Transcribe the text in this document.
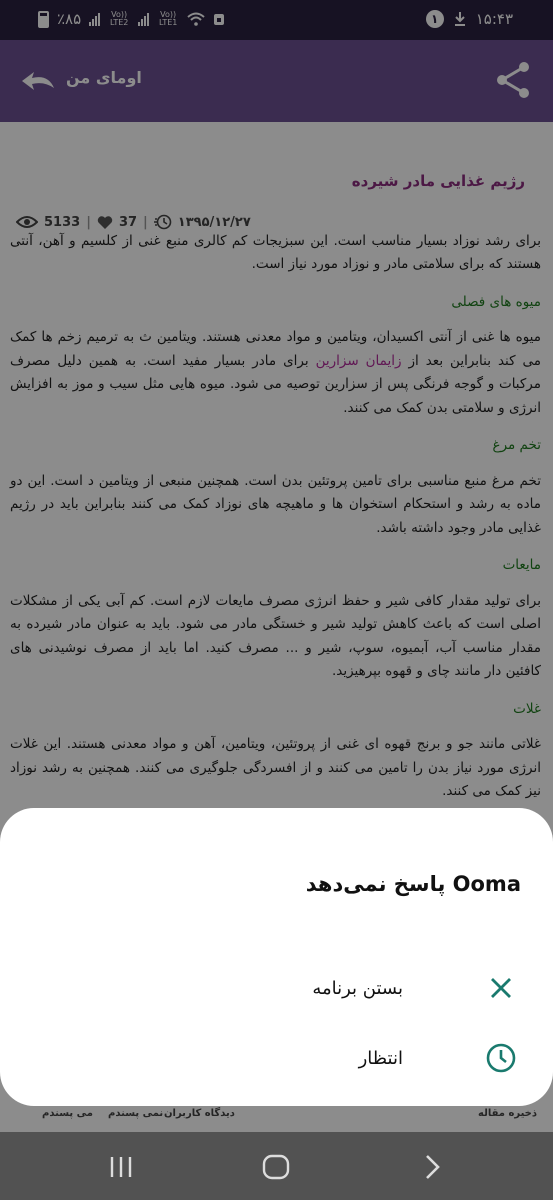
٪۸۵	Vo)) LTE2
Vo)) LTE1	۱	۱۵:۴۳
اومای من
رژیم غذایی مادر شیرده
5133 | 37 | ۱۳۹۵/۱۲/۲۷

برای رشد نوزاد بسیار مناسب است. این سبزیجات کم کالری منبع غنی از کلسیم و آهن، آنتی

هستند که برای سلامتی مادر و نوزاد مورد نیاز است.

میوه های فصلی

میوه ها غنی از آنتی اکسیدان، ویتامین و مواد معدنی هستند. ویتامین ث به ترمیم زخم ها کمک می کند بنابراین بعد از زایمان سزارین برای مادر بسیار مفید است. به همین دلیل مصرف مرکبات و گوجه فرنگی پس از سزارین توصیه می شود. میوه هایی مثل سیب و موز به افزایش انرژی و سلامتی بدن کمک می کنند.

تخم مرغ

تخم مرغ منبع مناسبی برای تامین پروتئین بدن است. همچنین منبعی از ویتامین د است. این دو ماده به رشد و استحکام استخوان ها و ماهیچه های نوزاد کمک می کنند بنابراین باید در رژیم غذایی مادر وجود داشته باشد.

مایعات

برای تولید مقدار کافی شیر و حفظ انرژی مصرف مایعات لازم است. کم آبی یکی از مشکلات اصلی است که باعث کاهش تولید شیر و خستگی مادر می شود. باید به عنوان مادر شیرده به مقدار مناسب آب، آبمیوه، سوپ، شیر و ... مصرف کنید. اما باید از مصرف نوشیدنی های کافئین دار مانند چای و قهوه بپرهیزید.

غلات

غلاتی مانند جو و برنج قهوه ای غنی از پروتئین، ویتامین، آهن و مواد معدنی هستند. این غلات انرژی مورد نیاز بدن را تامین می کنند و از افسردگی جلوگیری می کنند. همچنین به رشد نوزاد نیز کمک می کنند.

ذخیره مقاله
دیدگاه کاربران
نمی پسندم
می پسندم
Ooma پاسخ نمی‌دهد
بستن برنامه
انتظار
